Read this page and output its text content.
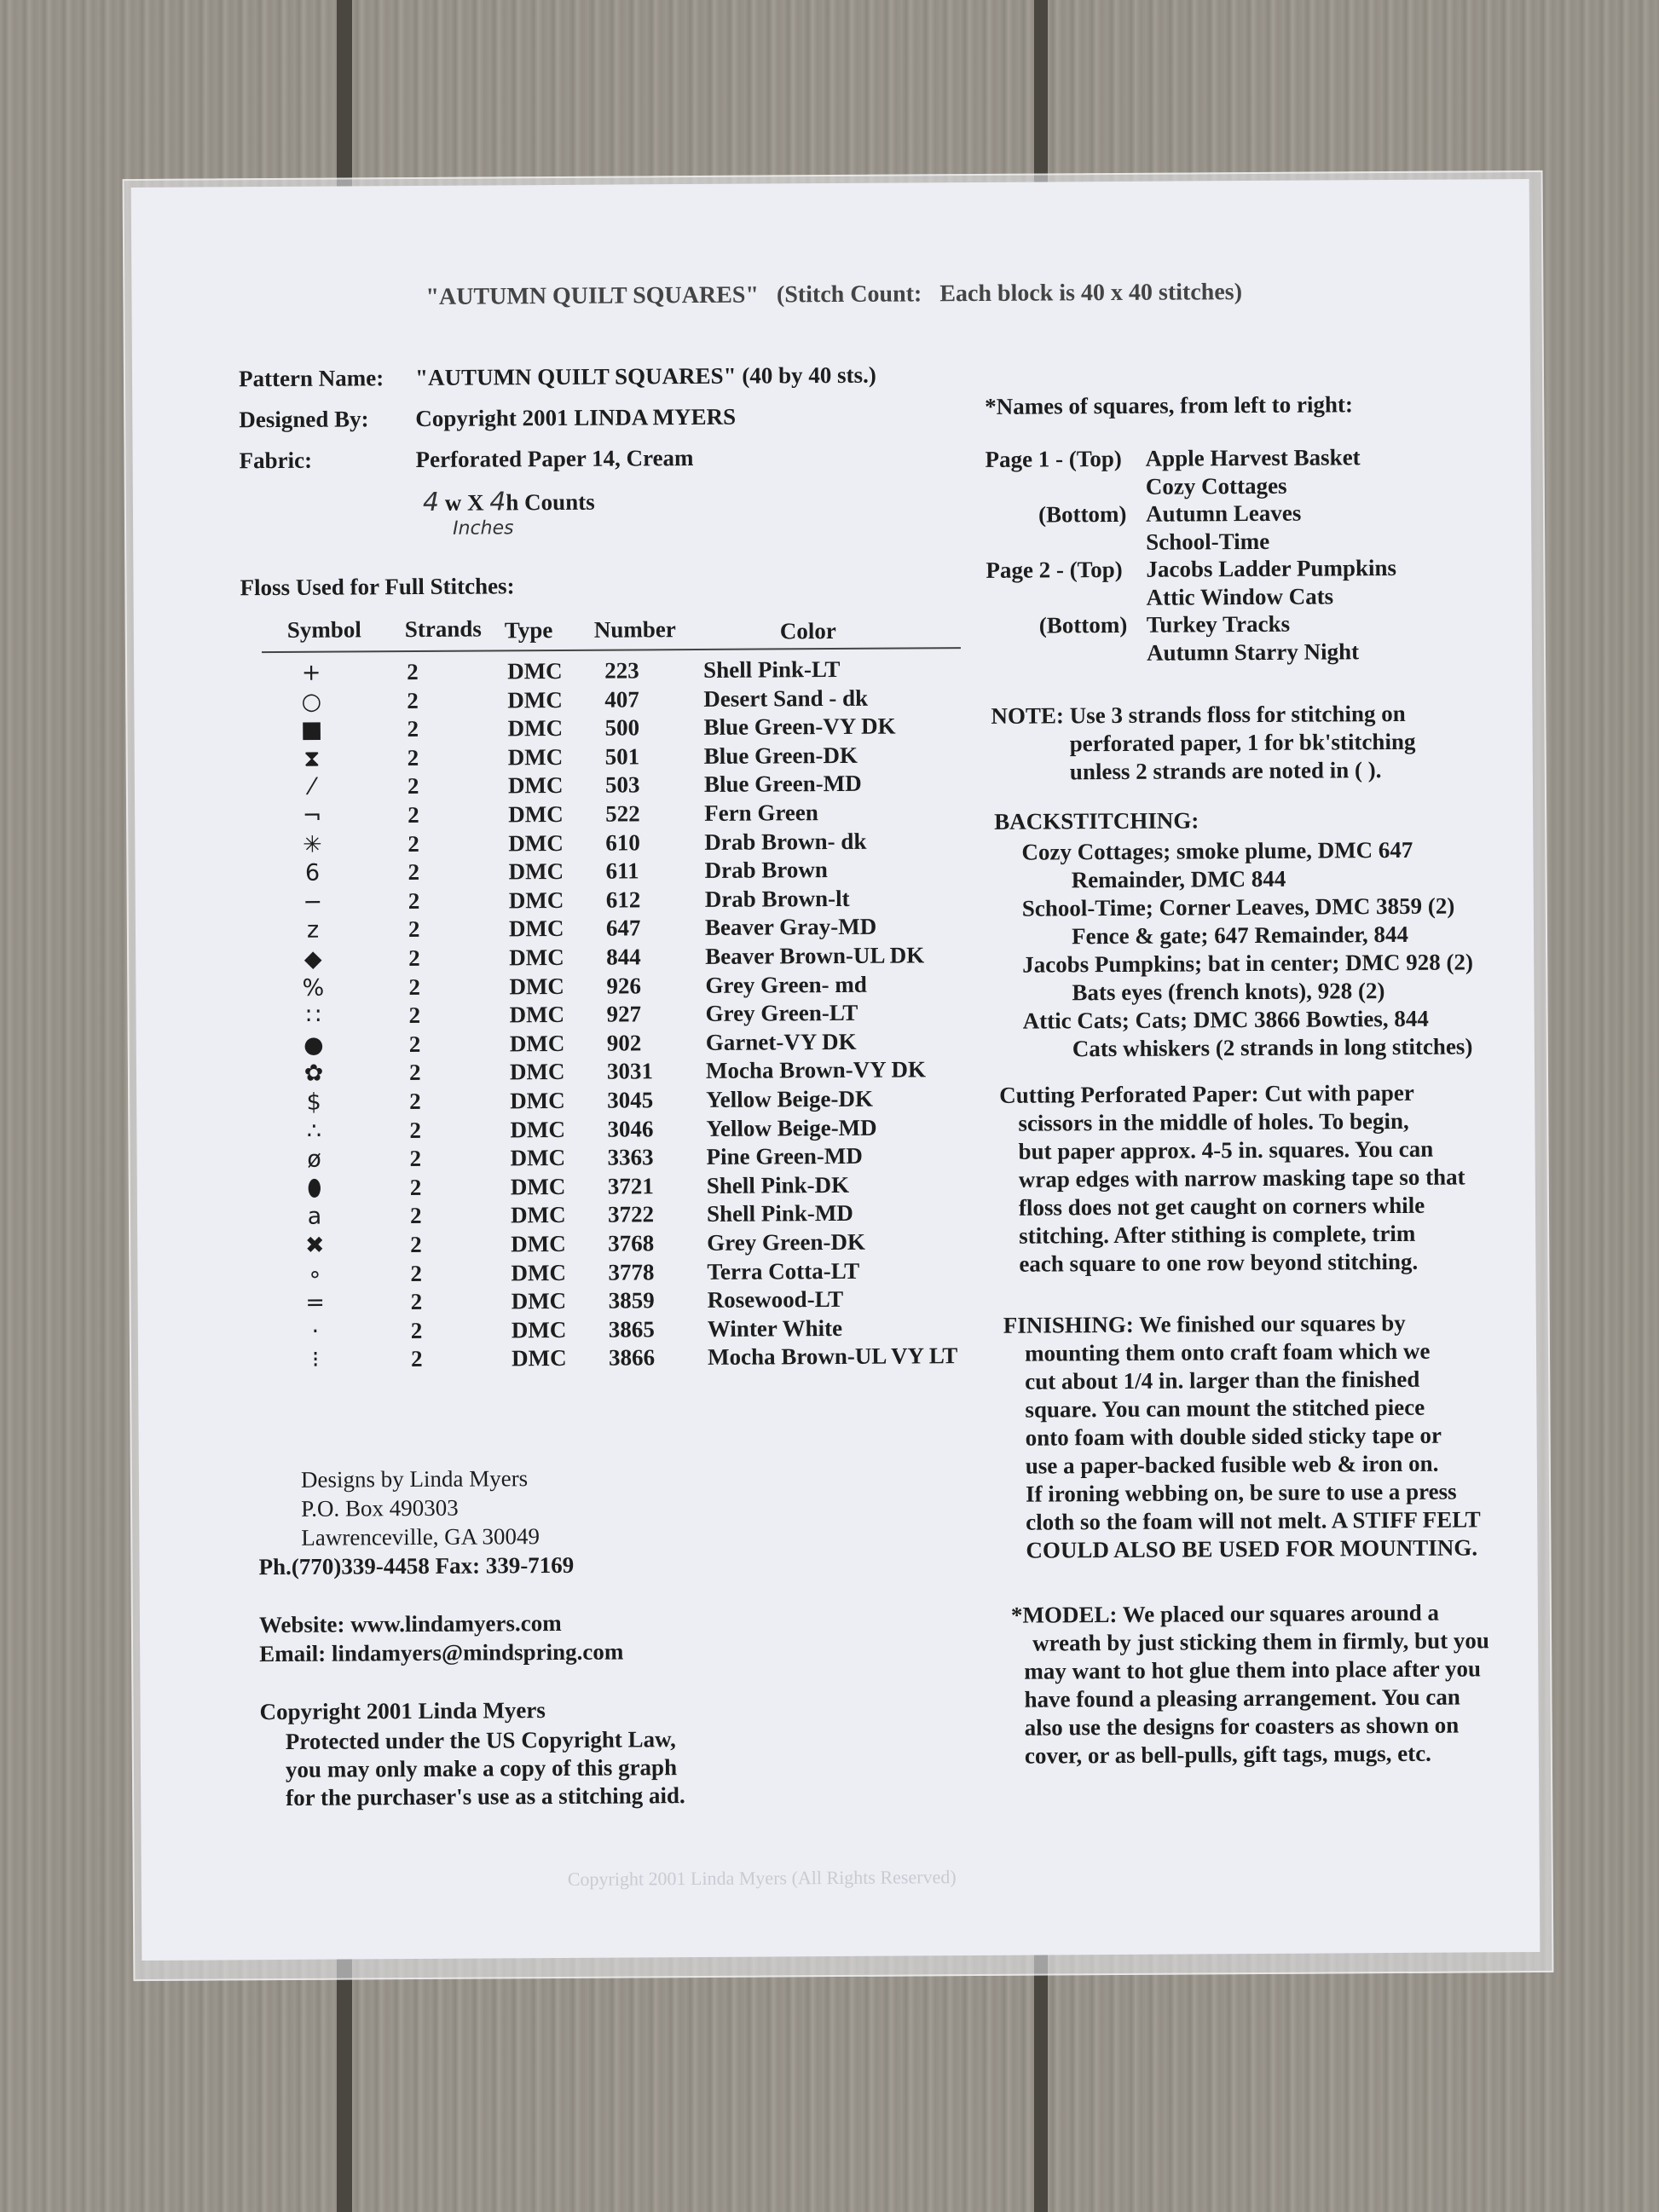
"AUTUMN QUILT SQUARES" (Stitch Count: Each block is 40 x 40 stitches)
Pattern Name: "AUTUMN QUILT SQUARES" (40 by 40 sts.)
Designed By: Copyright 2001 LINDA MYERS
Fabric:	Perforated Paper 14, Cream
4 w X 4h Counts
Inches
Floss Used for Full Stitches:
Symbol Strands Type Number	Color
+	2	DMC 223	Shell Pink-LT
○	2	DMC 407	Desert Sand - dk
■	2	DMC 500	Blue Green-VY DK
⧗	2	DMC 501	Blue Green-DK
⁄	2	DMC 503	Blue Green-MD
¬	2	DMC 522	Fern Green
✳	2	DMC 610	Drab Brown- dk
6	2	DMC 611	Drab Brown
−	2	DMC 612	Drab Brown-lt
z	2	DMC 647	Beaver Gray-MD
◆	2	DMC 844	Beaver Brown-UL DK
%	2	DMC 926	Grey Green- md
∷	2	DMC 927	Grey Green-LT
●	2	DMC 902	Garnet-VY DK
✿	2	DMC 3031 Mocha Brown-VY DK
$	2	DMC 3045 Yellow Beige-DK
∴	2	DMC 3046 Yellow Beige-MD
ø	2	DMC 3363 Pine Green-MD
⬮	2	DMC 3721 Shell Pink-DK
a	2	DMC 3722 Shell Pink-MD
✖	2	DMC 3768 Grey Green-DK
∘	2	DMC 3778 Terra Cotta-LT
=	2	DMC 3859 Rosewood-LT
·	2	DMC 3865 Winter White
⁝	2	DMC 3866 Mocha Brown-UL VY LT
Designs by Linda Myers
P.O. Box 490303
Lawrenceville, GA 30049
Ph.(770)339-4458 Fax: 339-7169
Website: www.lindamyers.com
Email: lindamyers@mindspring.com
Copyright 2001 Linda Myers
Protected under the US Copyright Law,
you may only make a copy of this graph
for the purchaser's use as a stitching aid.
*Names of squares, from left to right:
Page 1 - (Top) Apple Harvest Basket
Cozy Cottages
(Bottom) Autumn Leaves
School-Time
Page 2 - (Top) Jacobs Ladder Pumpkins
Attic Window Cats
(Bottom) Turkey Tracks
Autumn Starry Night
NOTE: Use 3 strands floss for stitching on
perforated paper, 1 for bk'stitching
unless 2 strands are noted in ( ).
BACKSTITCHING:
Cozy Cottages; smoke plume, DMC 647
Remainder, DMC 844
School-Time; Corner Leaves, DMC 3859 (2)
Fence & gate; 647 Remainder, 844
Jacobs Pumpkins; bat in center; DMC 928 (2)
Bats eyes (french knots), 928 (2)
Attic Cats; Cats; DMC 3866 Bowties, 844
Cats whiskers (2 strands in long stitches)
Cutting Perforated Paper: Cut with paper
scissors in the middle of holes. To begin,
but paper approx. 4-5 in. squares. You can
wrap edges with narrow masking tape so that
floss does not get caught on corners while
stitching. After stithing is complete, trim
each square to one row beyond stitching.
FINISHING: We finished our squares by
mounting them onto craft foam which we
cut about 1/4 in. larger than the finished
square. You can mount the stitched piece
onto foam with double sided sticky tape or
use a paper-backed fusible web & iron on.
If ironing webbing on, be sure to use a press
cloth so the foam will not melt. A STIFF FELT
COULD ALSO BE USED FOR MOUNTING.
*MODEL: We placed our squares around a
wreath by just sticking them in firmly, but you
may want to hot glue them into place after you
have found a pleasing arrangement. You can
also use the designs for coasters as shown on
cover, or as bell-pulls, gift tags, mugs, etc.
Copyright 2001 Linda Myers (All Rights Reserved)
